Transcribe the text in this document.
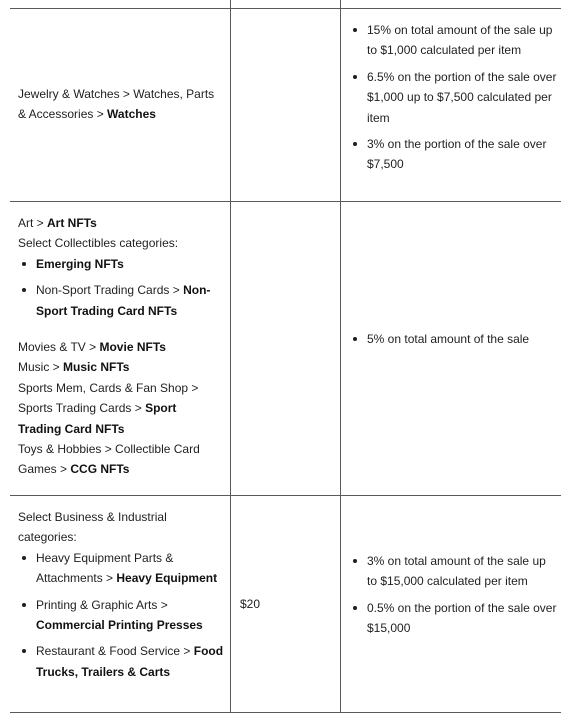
Jewelry & Watches > Watches, Parts & Accessories > Watches
15% on total amount of the sale up to $1,000 calculated per item
6.5% on the portion of the sale over $1,000 up to $7,500 calculated per item
3% on the portion of the sale over $7,500
Art > Art NFTs
Select Collectibles categories:
Emerging NFTs
Non-Sport Trading Cards > Non-Sport Trading Card NFTs
Movies & TV > Movie NFTs
Music > Music NFTs
Sports Mem, Cards & Fan Shop > Sports Trading Cards > Sport Trading Card NFTs
Toys & Hobbies > Collectible Card Games > CCG NFTs
5% on total amount of the sale
Select Business & Industrial categories:
Heavy Equipment Parts & Attachments > Heavy Equipment
Printing & Graphic Arts > Commercial Printing Presses
Restaurant & Food Service > Food Trucks, Trailers & Carts
$20
3% on total amount of the sale up to $15,000 calculated per item
0.5% on the portion of the sale over $15,000
